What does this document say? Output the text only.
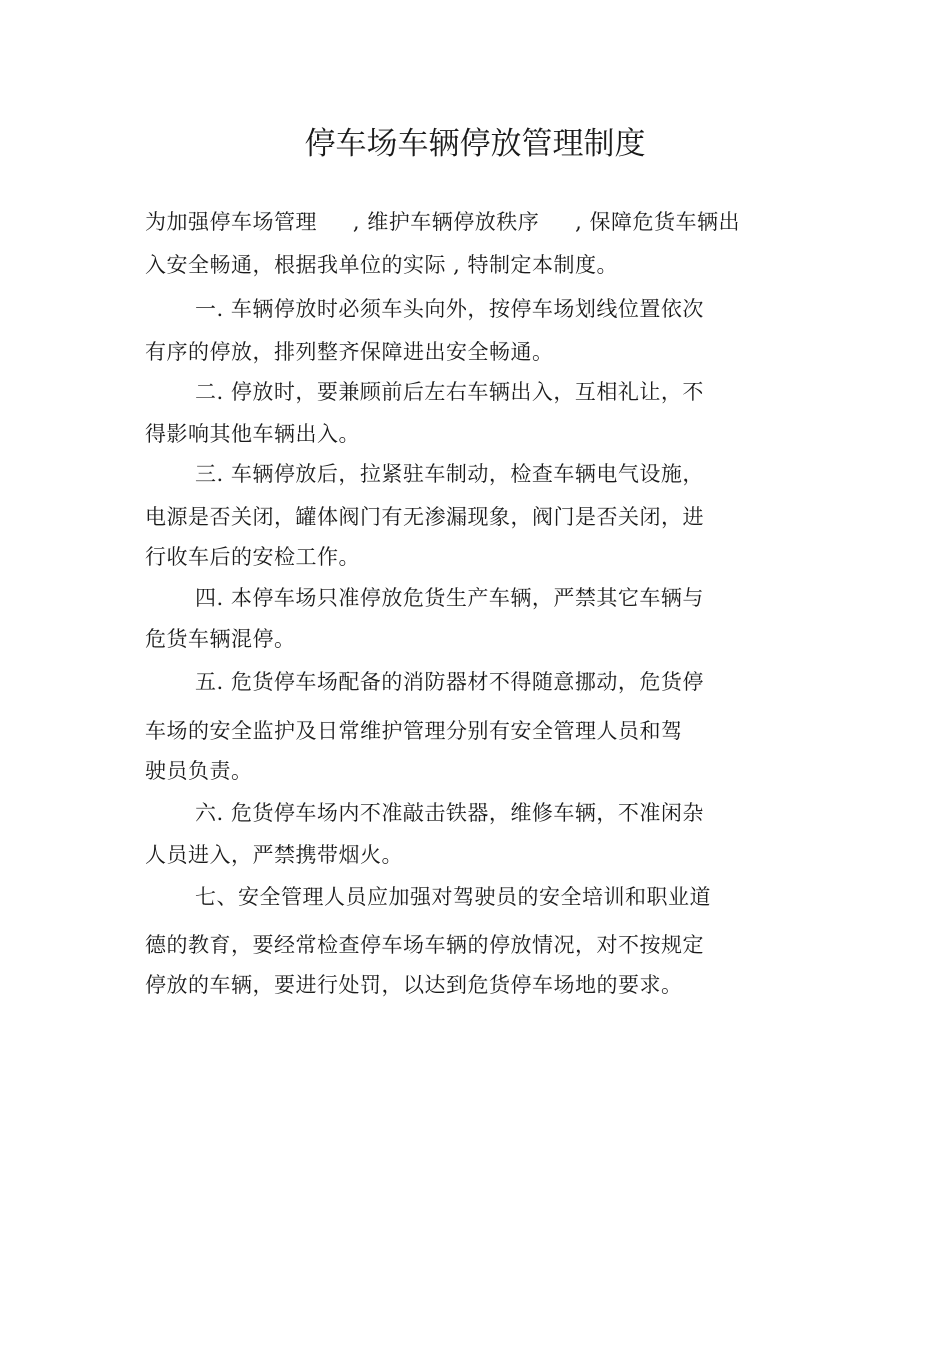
停车场车辆停放管理制度
为加强停车场管理     , 维护车辆停放秩序     , 保障危货车辆出
入安全畅通，根据我单位的实际 , 特制定本制度。
一. 车辆停放时必须车头向外，按停车场划线位置依次
有序的停放，排列整齐保障进出安全畅通。
二. 停放时，要兼顾前后左右车辆出入，互相礼让，不
得影响其他车辆出入。
三. 车辆停放后，拉紧驻车制动，检查车辆电气设施，
电源是否关闭，罐体阀门有无渗漏现象，阀门是否关闭，进
行收车后的安检工作。
四. 本停车场只准停放危货生产车辆，严禁其它车辆与
危货车辆混停。
五. 危货停车场配备的消防器材不得随意挪动，危货停
车场的安全监护及日常维护管理分别有安全管理人员和驾
驶员负责。
六. 危货停车场内不准敲击铁器，维修车辆，不准闲杂
人员进入，严禁携带烟火。
七、安全管理人员应加强对驾驶员的安全培训和职业道
德的教育，要经常检查停车场车辆的停放情况，对不按规定
停放的车辆，要进行处罚，以达到危货停车场地的要求。
